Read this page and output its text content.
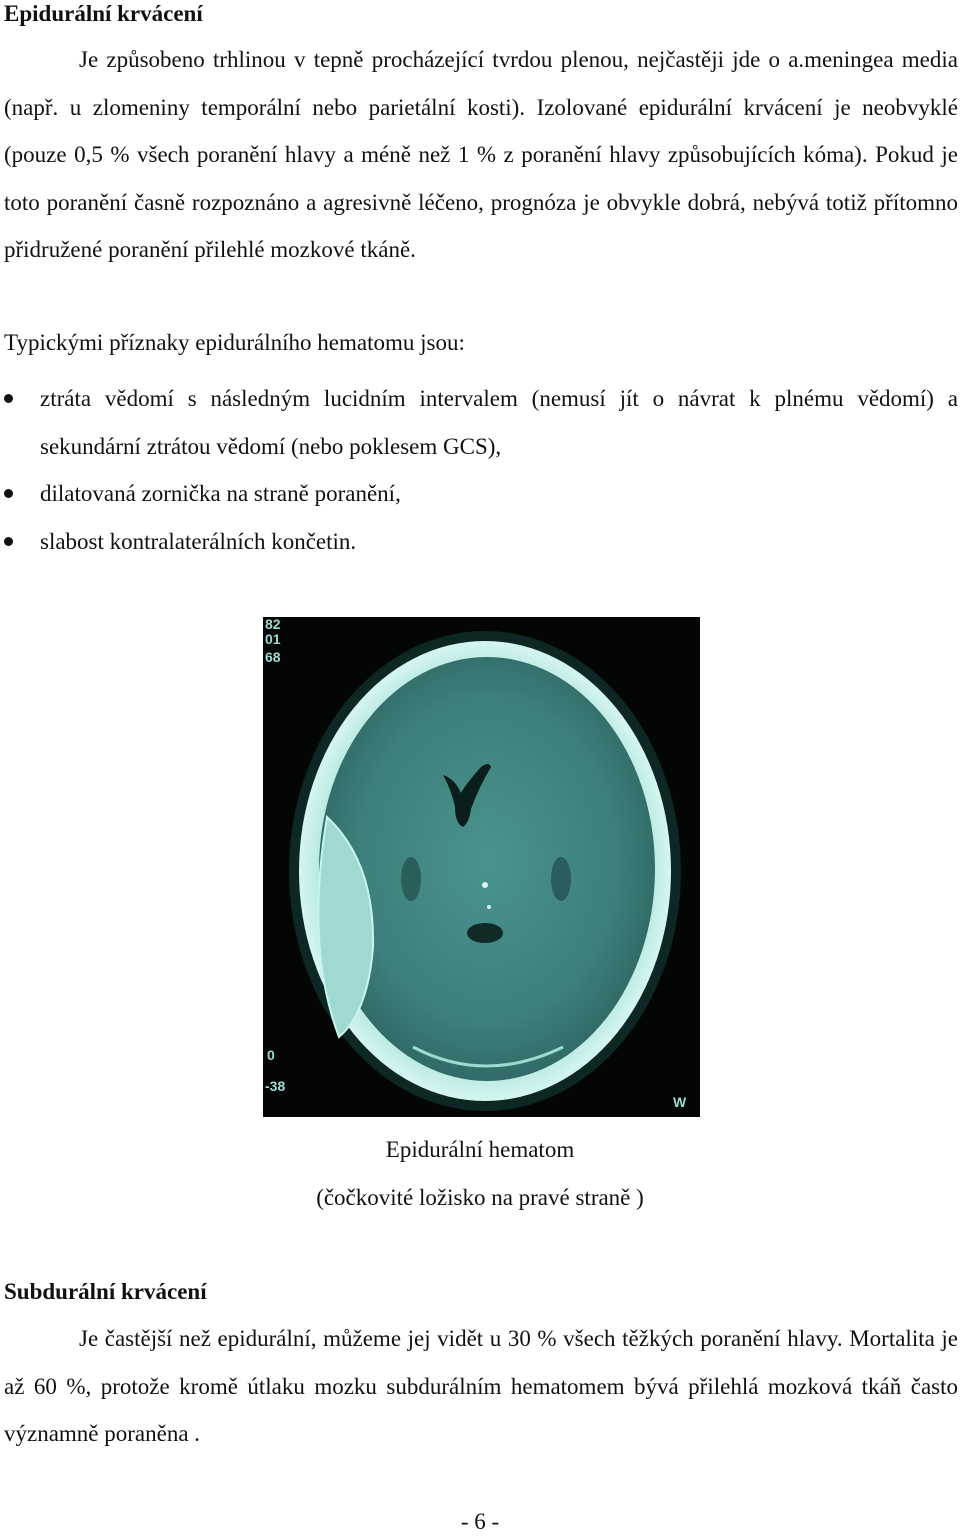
Epidurální krvácení

Je způsobeno trhlinou v tepně procházející tvrdou plenou, nejčastěji jde o a.meningea media (např. u zlomeniny temporální nebo parietální kosti). Izolované epidurální krvácení je neobvyklé (pouze 0,5 % všech poranění hlavy a méně než 1 % z poranění hlavy způsobujících kóma). Pokud je toto poranění časně rozpoznáno a agresivně léčeno, prognóza je obvykle dobrá, nebývá totiž přítomno přidružené poranění přilehlé mozkové tkáně.

Typickými příznaky epidurálního hematomu jsou:

ztráta vědomí s následným lucidním intervalem (nemusí jít o návrat k plnému vědomí) a sekundární ztrátou vědomí (nebo poklesem GCS),
dilatovaná zornička na straně poranění,
slabost kontralaterálních končetin.
82
01
68
0
-38
W

Epidurální hematom

(čočkovité ložisko na pravé straně )

Subdurální krvácení

Je častější než epidurální, můžeme jej vidět u 30 % všech těžkých poranění hlavy. Mortalita je až 60 %, protože kromě útlaku mozku subdurálním hematomem bývá přilehlá mozková tkáň často významně poraněna .

- 6 -
